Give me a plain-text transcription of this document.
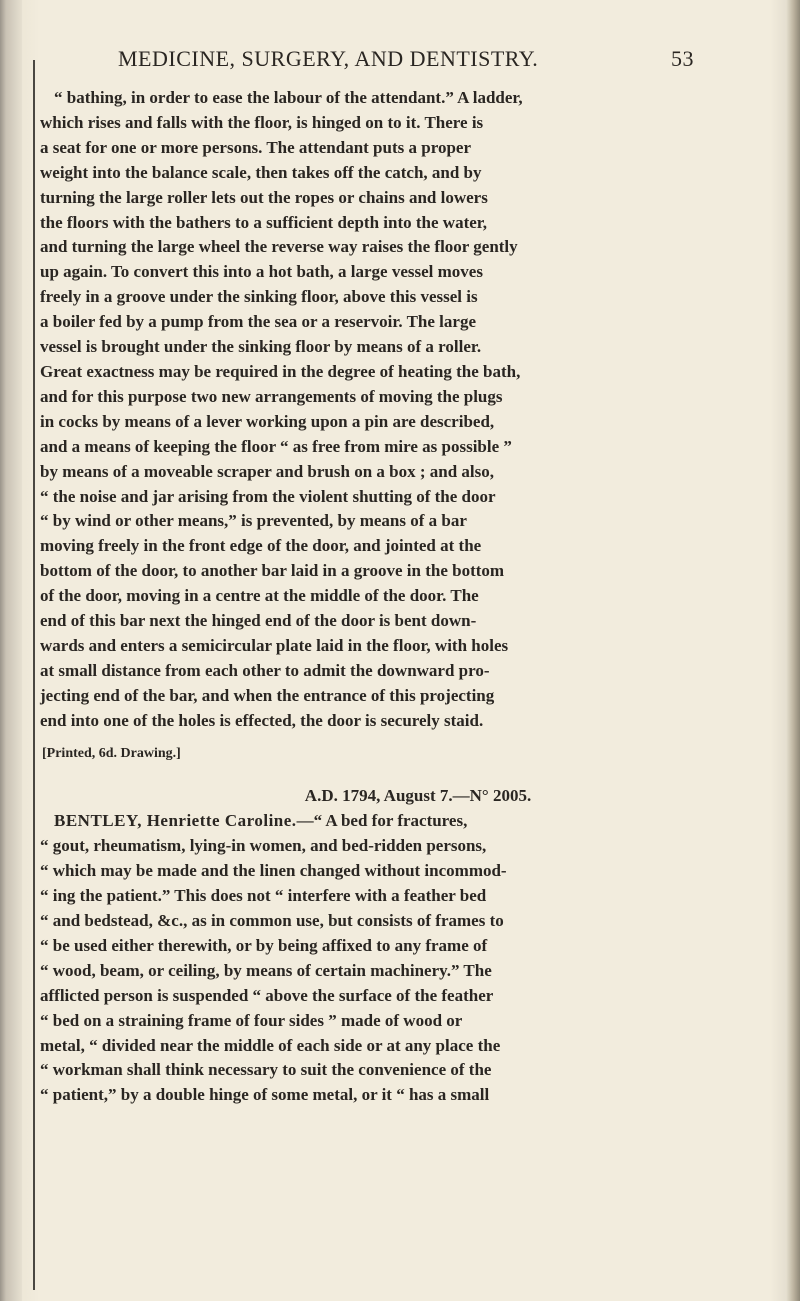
MEDICINE, SURGERY, AND DENTISTRY.	53
“ bathing, in order to ease the labour of the attendant.” A ladder,
which rises and falls with the floor, is hinged on to it. There is
a seat for one or more persons. The attendant puts a proper
weight into the balance scale, then takes off the catch, and by
turning the large roller lets out the ropes or chains and lowers
the floors with the bathers to a sufficient depth into the water,
and turning the large wheel the reverse way raises the floor gently
up again. To convert this into a hot bath, a large vessel moves
freely in a groove under the sinking floor, above this vessel is
a boiler fed by a pump from the sea or a reservoir. The large
vessel is brought under the sinking floor by means of a roller.
Great exactness may be required in the degree of heating the bath,
and for this purpose two new arrangements of moving the plugs
in cocks by means of a lever working upon a pin are described,
and a means of keeping the floor “ as free from mire as possible ”
by means of a moveable scraper and brush on a box ; and also,
“ the noise and jar arising from the violent shutting of the door
“ by wind or other means,” is prevented, by means of a bar
moving freely in the front edge of the door, and jointed at the
bottom of the door, to another bar laid in a groove in the bottom
of the door, moving in a centre at the middle of the door. The
end of this bar next the hinged end of the door is bent down-
wards and enters a semicircular plate laid in the floor, with holes
at small distance from each other to admit the downward pro-
jecting end of the bar, and when the entrance of this projecting
end into one of the holes is effected, the door is securely staid.
[Printed, 6d. Drawing.]
A.D. 1794, August 7.—N° 2005.
BENTLEY, Henriette Caroline.—“ A bed for fractures,
“ gout, rheumatism, lying-in women, and bed-ridden persons,
“ which may be made and the linen changed without incommod-
“ ing the patient.” This does not “ interfere with a feather bed
“ and bedstead, &c., as in common use, but consists of frames to
“ be used either therewith, or by being affixed to any frame of
“ wood, beam, or ceiling, by means of certain machinery.” The
afflicted person is suspended “ above the surface of the feather
“ bed on a straining frame of four sides ” made of wood or
metal, “ divided near the middle of each side or at any place the
“ workman shall think necessary to suit the convenience of the
“ patient,” by a double hinge of some metal, or it “ has a small
